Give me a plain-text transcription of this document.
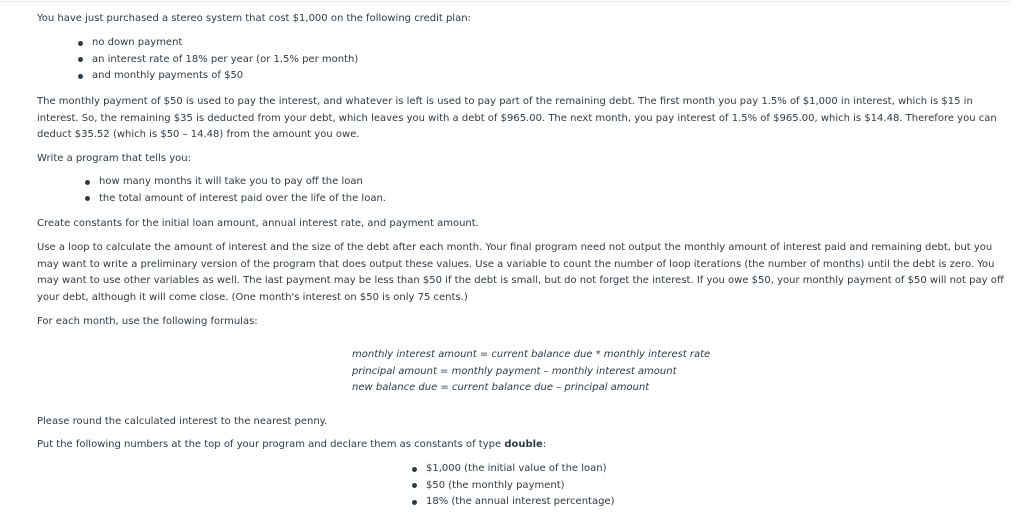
You have just purchased a stereo system that cost $1,000 on the following credit plan:

no down payment
an interest rate of 18% per year (or 1.5% per month)
and monthly payments of $50

The monthly payment of $50 is used to pay the interest, and whatever is left is used to pay part of the remaining debt. The first month you pay 1.5% of $1,000 in interest, which is $15 in interest. So, the remaining $35 is deducted from your debt, which leaves you with a debt of $965.00. The next month, you pay interest of 1.5% of $965.00, which is $14.48. Therefore you can deduct $35.52 (which is $50 – 14.48) from the amount you owe.

Write a program that tells you:

how many months it will take you to pay off the loan
the total amount of interest paid over the life of the loan.

Create constants for the initial loan amount, annual interest rate, and payment amount.

Use a loop to calculate the amount of interest and the size of the debt after each month. Your final program need not output the monthly amount of interest paid and remaining debt, but you may want to write a preliminary version of the program that does output these values. Use a variable to count the number of loop iterations (the number of months) until the debt is zero. You may want to use other variables as well. The last payment may be less than $50 if the debt is small, but do not forget the interest. If you owe $50, your monthly payment of $50 will not pay off your debt, although it will come close. (One month's interest on $50 is only 75 cents.)

For each month, use the following formulas:

monthly interest amount = current balance due * monthly interest rate
principal amount = monthly payment – monthly interest amount
new balance due = current balance due – principal amount

Please round the calculated interest to the nearest penny.

Put the following numbers at the top of your program and declare them as constants of type double:

$1,000 (the initial value of the loan)
$50 (the monthly payment)
18% (the annual interest percentage)
